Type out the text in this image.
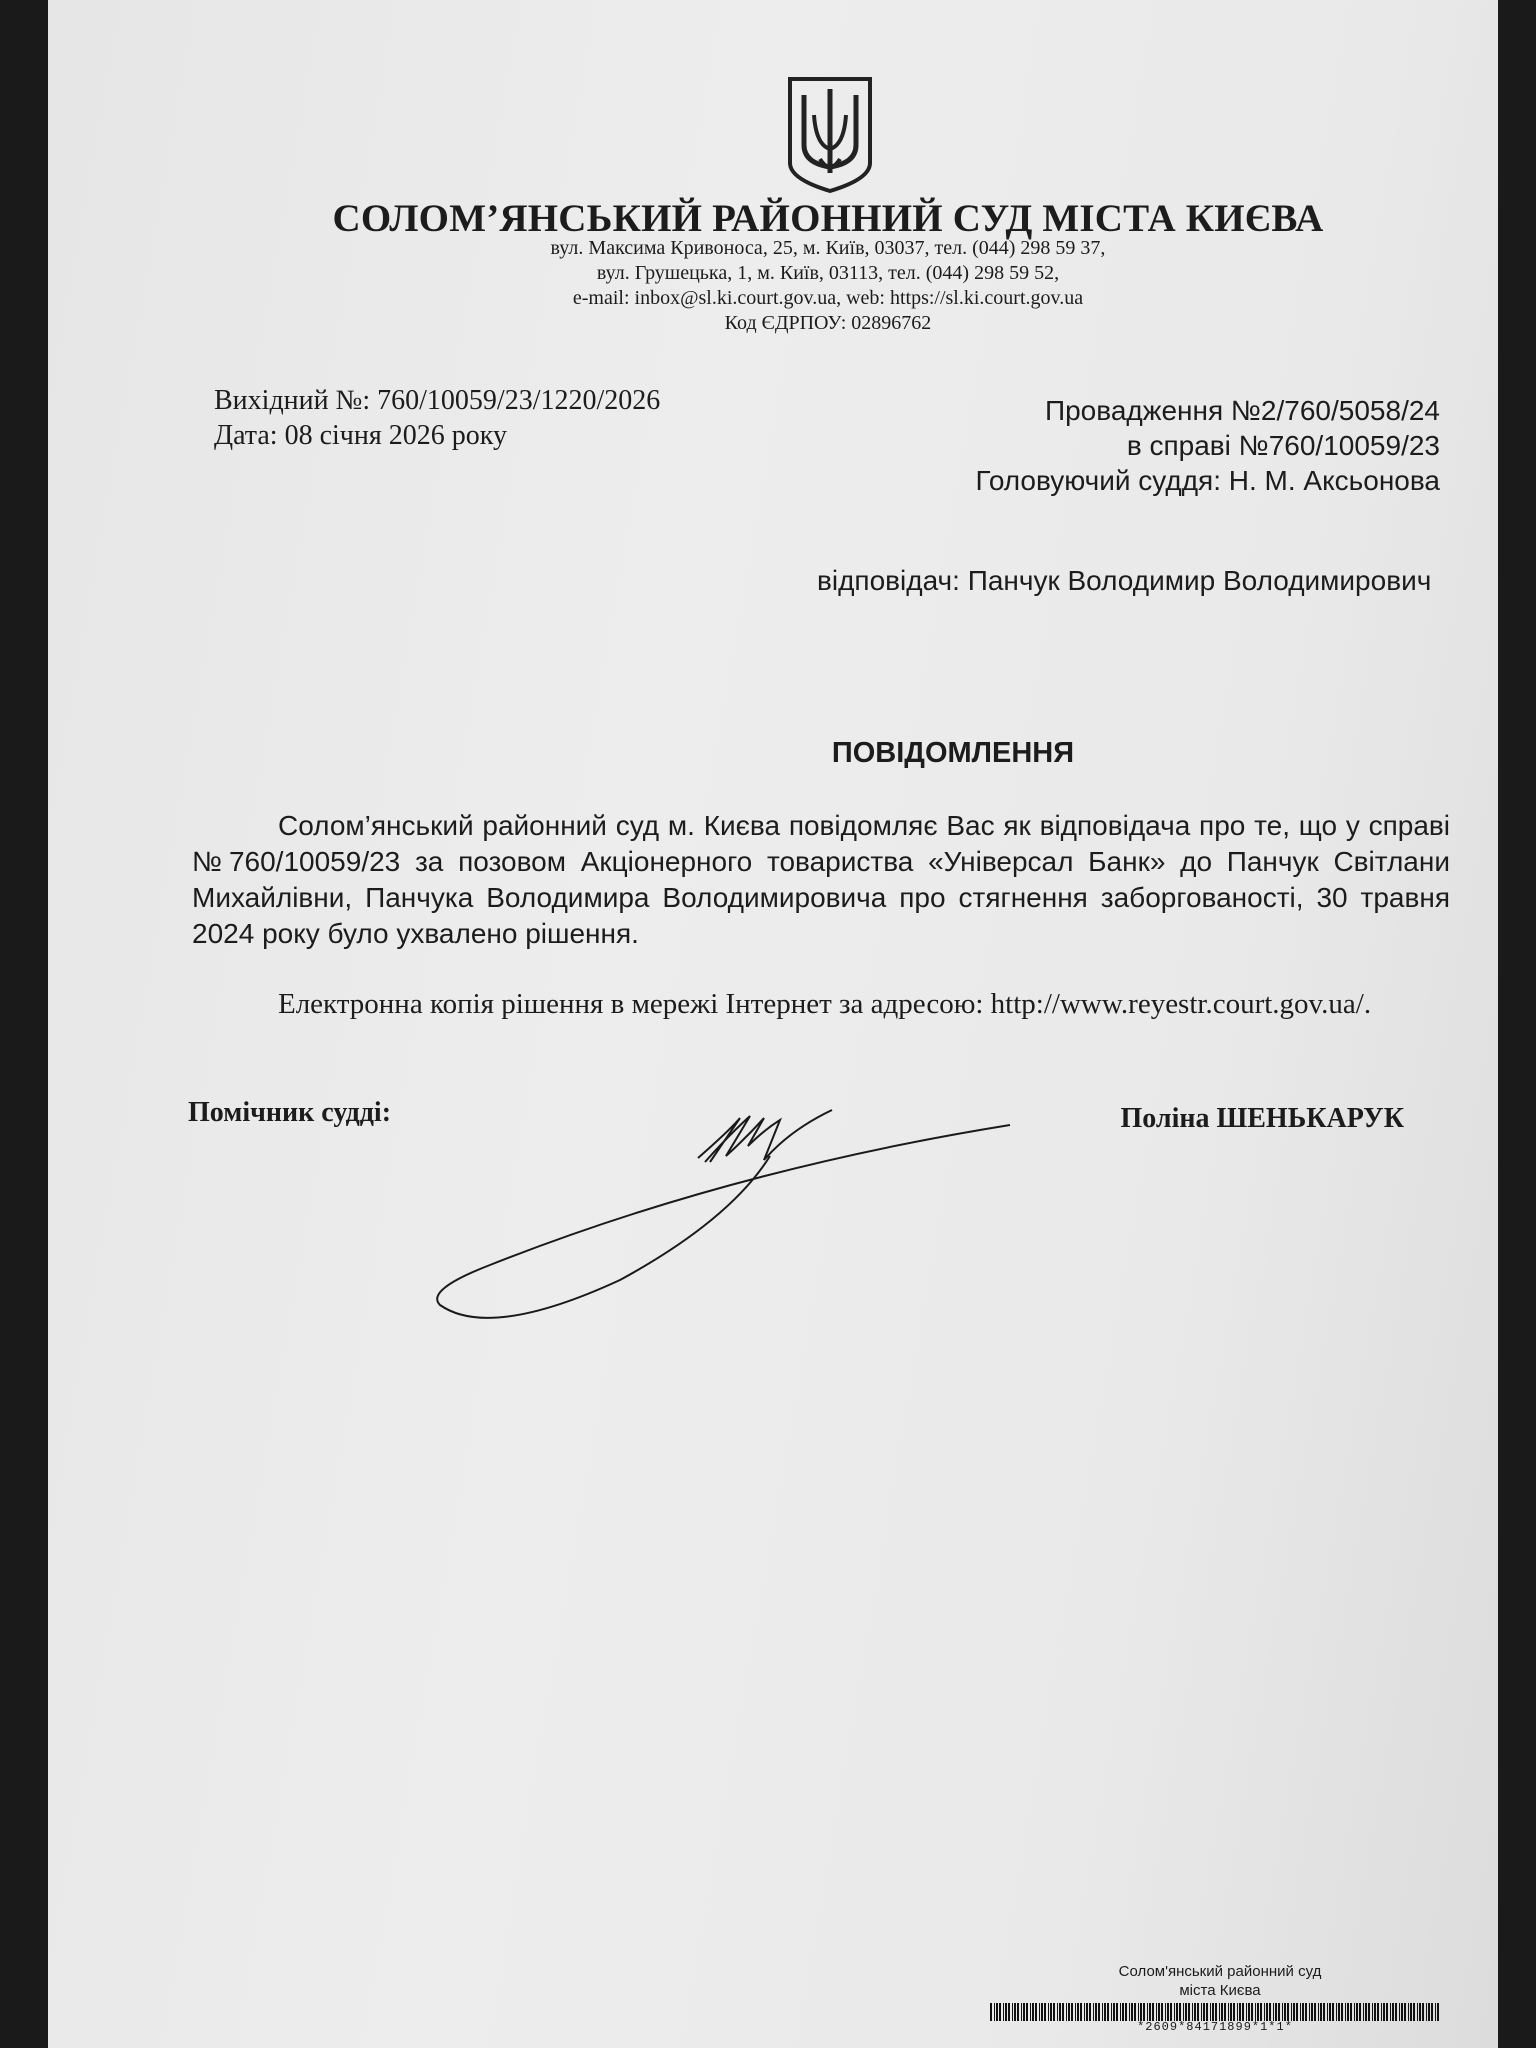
СОЛОМ’ЯНСЬКИЙ РАЙОННИЙ СУД МІСТА КИЄВА
вул. Максима Кривоноса, 25, м. Київ, 03037, тел. (044) 298 59 37,
вул. Грушецька, 1, м. Київ, 03113, тел. (044) 298 59 52,
e-mail: inbox@sl.ki.court.gov.ua, web: https://sl.ki.court.gov.ua
Код ЄДРПОУ: 02896762
Вихідний №: 760/10059/23/1220/2026
Дата: 08 січня 2026 року
Провадження №2/760/5058/24
в справі №760/10059/23
Головуючий суддя: Н. М. Аксьонова
відповідач: Панчук Володимир Володимирович
ПОВІДОМЛЕННЯ
Солом’янський районний суд м. Києва повідомляє Вас як відповідача про те, що у справі №760/10059/23 за позовом Акціонерного товариства «Універсал Банк» до Панчук Світлани Михайлівни, Панчука Володимира Володимировича про стягнення заборгованості, 30 травня 2024 року було ухвалено рішення.
Електронна копія рішення в мережі Інтернет за адресою: http://www.reyestr.court.gov.ua/.
Помічник судді:	Поліна ШЕНЬКАРУК
Солом'янський районний суд
міста Києва
*2609*84171899*1*1*
